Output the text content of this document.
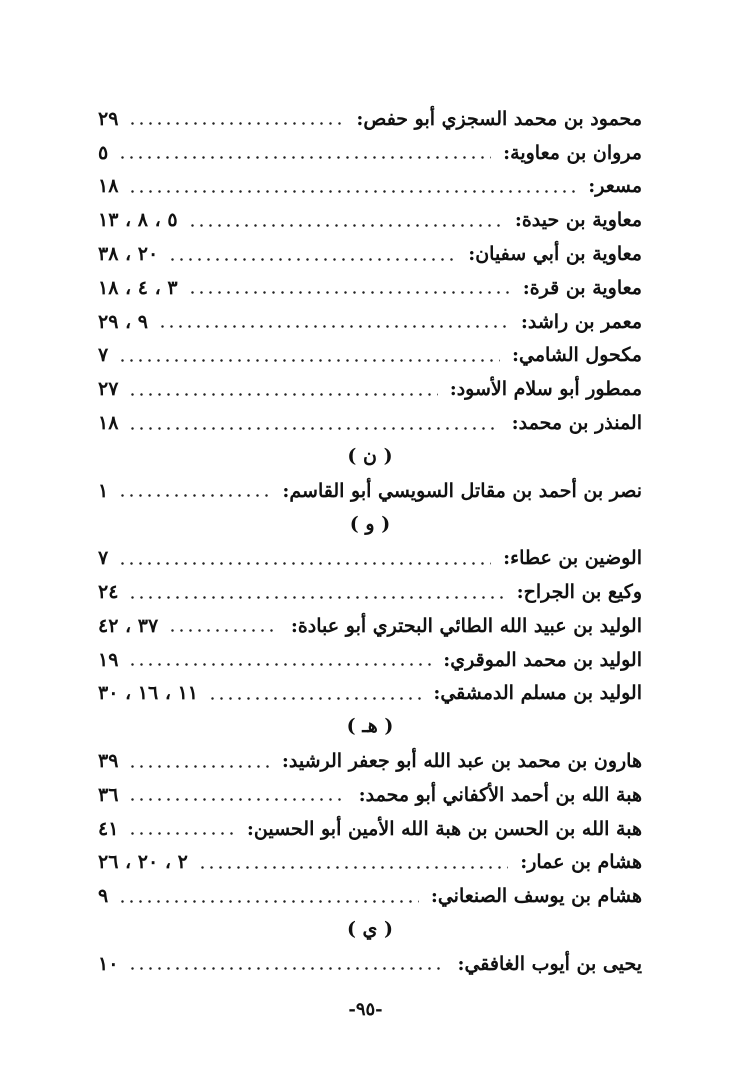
محمود بن محمد السجزي أبو حفص:
٢٩
مروان بن معاوية:
٥
مسعر:
١٨
معاوية بن حيدة:
٥ ، ٨ ، ١٣
معاوية بن أبي سفيان:
٢٠ ، ٣٨
معاوية بن قرة:
٣ ، ٤ ، ١٨
معمر بن راشد:
٩ ، ٢٩
مكحول الشامي:
٧
ممطور أبو سلام الأسود:
٢٧
المنذر بن محمد:
١٨
( ن )
نصر بن أحمد بن مقاتل السويسي أبو القاسم:
١
( و )
الوضين بن عطاء:
٧
وكيع بن الجراح:
٢٤
الوليد بن عبيد الله الطائي البحتري أبو عبادة:
٣٧ ، ٤٢
الوليد بن محمد الموقري:
١٩
الوليد بن مسلم الدمشقي:
١١ ، ١٦ ، ٣٠
( هـ )
هارون بن محمد بن عبد الله أبو جعفر الرشيد:
٣٩
هبة الله بن أحمد الأكفاني أبو محمد:
٣٦
هبة الله بن الحسن بن هبة الله الأمين أبو الحسين:
٤١
هشام بن عمار:
٢ ، ٢٠ ، ٢٦
هشام بن يوسف الصنعاني:
٩
( ي )
يحيى بن أيوب الغافقي:
١٠
-٩٥-
